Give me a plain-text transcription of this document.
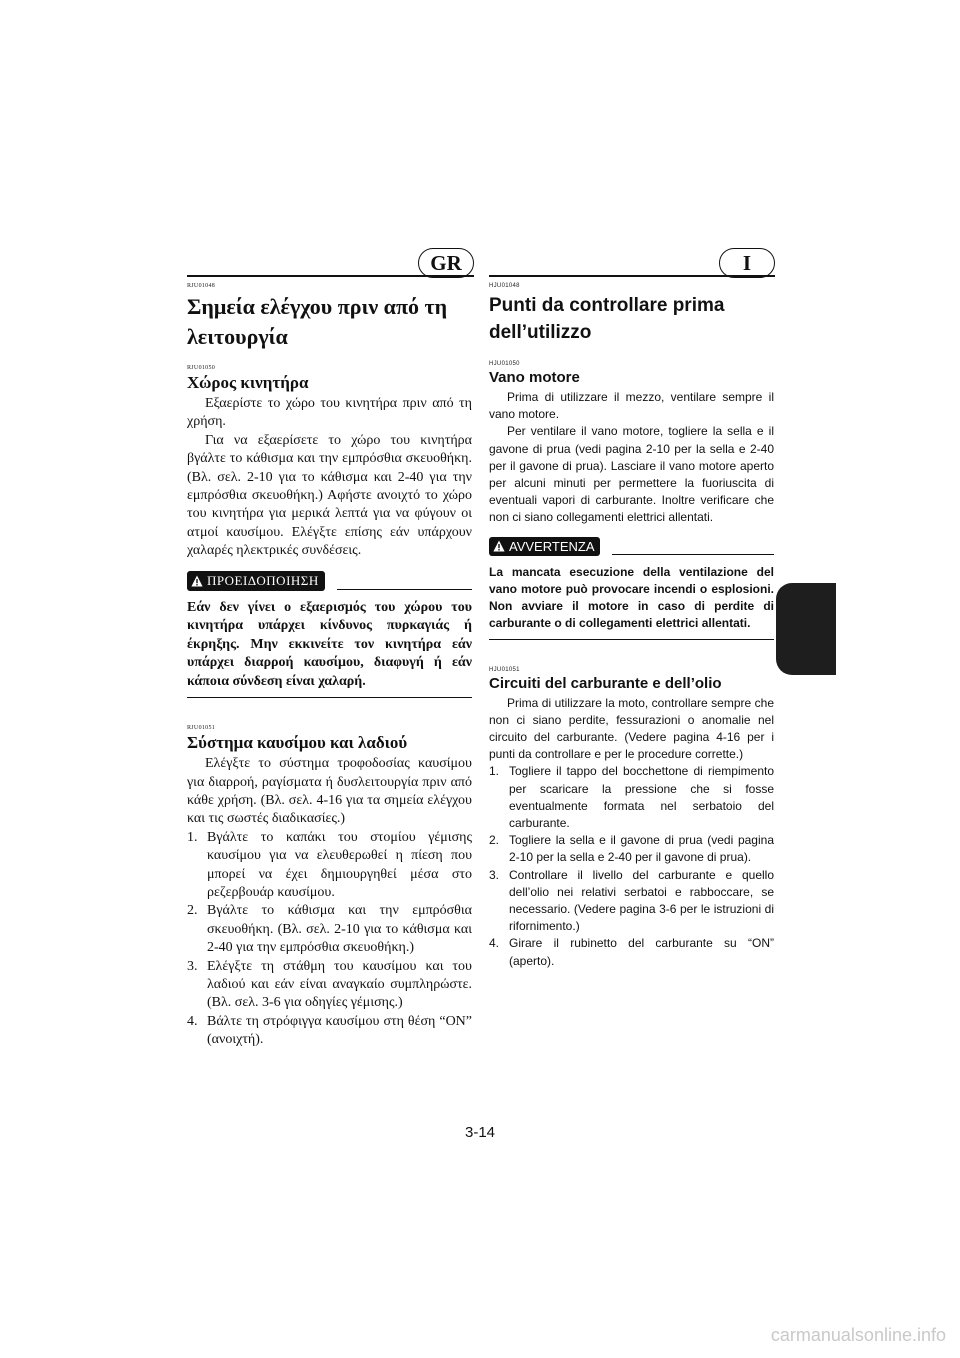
GR	I
RJU01048
Σημεία ελέγχου πριν από τη λειτουργία
RJU01050
Χώρος κινητήρα

Εξαερίστε το χώρο του κινητήρα πριν από τη χρήση.

Για να εξαερίσετε το χώρο του κινητήρα βγάλτε το κάθισμα και την εμπρόσθια σκευοθήκη. (Βλ. σελ. 2-10 για το κάθισμα και 2-40 για την εμπρόσθια σκευοθήκη.) Αφήστε ανοιχτό το χώρο του κινητήρα για μερικά λεπτά για να φύγουν οι ατμοί καυσίμου. Ελέγξτε επίσης εάν υπάρχουν χαλαρές ηλεκτρικές συνδέσεις.

ΠΡΟΕΙΔΟΠΟΙΗΣΗ
Εάν δεν γίνει ο εξαερισμός του χώρου του κινητήρα υπάρχει κίνδυνος πυρκαγιάς ή έκρηξης. Μην εκκινείτε τον κινητήρα εάν υπάρχει διαρροή καυσίμου, διαφυγή ή εάν κάποια σύνδεση είναι χαλαρή.
RJU01051
Σύστημα καυσίμου και λαδιού

Ελέγξτε το σύστημα τροφοδοσίας καυσίμου για διαρροή, ραγίσματα ή δυσλειτουργία πριν από κάθε χρήση. (Βλ. σελ. 4-16 για τα σημεία ελέγχου και τις σωστές διαδικασίες.)

1. Βγάλτε το καπάκι του στομίου γέμισης καυσίμου για να ελευθερωθεί η πίεση που μπορεί να έχει δημιουργηθεί μέσα στο ρεζερβουάρ καυσίμου.
2. Βγάλτε το κάθισμα και την εμπρόσθια σκευοθήκη. (Βλ. σελ. 2-10 για το κάθισμα και 2-40 για την εμπρόσθια σκευοθήκη.)
3. Ελέγξτε τη στάθμη του καυσίμου και του λαδιού και εάν είναι αναγκαίο συμπληρώστε. (Βλ. σελ. 3-6 για οδηγίες γέμισης.)
4. Βάλτε τη στρόφιγγα καυσίμου στη θέση “ON” (ανοιχτή).
HJU01048
Punti da controllare prima dell’utilizzo
HJU01050
Vano motore

Prima di utilizzare il mezzo, ventilare sempre il vano motore.

Per ventilare il vano motore, togliere la sella e il gavone di prua (vedi pagina 2-10 per la sella e 2-40 per il gavone di prua). Lasciare il vano motore aperto per alcuni minuti per permettere la fuoriuscita di eventuali vapori di carburante. Inoltre verificare che non ci siano collegamenti elettrici allentati.

AVVERTENZA
La mancata esecuzione della ventilazione del vano motore può provocare incendi o esplosioni. Non avviare il motore in caso di perdite di carburante o di collegamenti elettrici allentati.
HJU01051
Circuiti del carburante e dell’olio

Prima di utilizzare la moto, controllare sempre che non ci siano perdite, fessurazioni o anomalie nel circuito del carburante. (Vedere pagina 4-16 per i punti da controllare e per le procedure corrette.)

1. Togliere il tappo del bocchettone di riempimento per scaricare la pressione che si fosse eventualmente formata nel serbatoio del carburante.
2. Togliere la sella e il gavone di prua (vedi pagina 2-10 per la sella e 2-40 per il gavone di prua).
3. Controllare il livello del carburante e quello dell’olio nei relativi serbatoi e rabboccare, se necessario. (Vedere pagina 3-6 per le istruzioni di rifornimento.)
4. Girare il rubinetto del carburante su “ON” (aperto).
3-14
carmanualsonline.info
